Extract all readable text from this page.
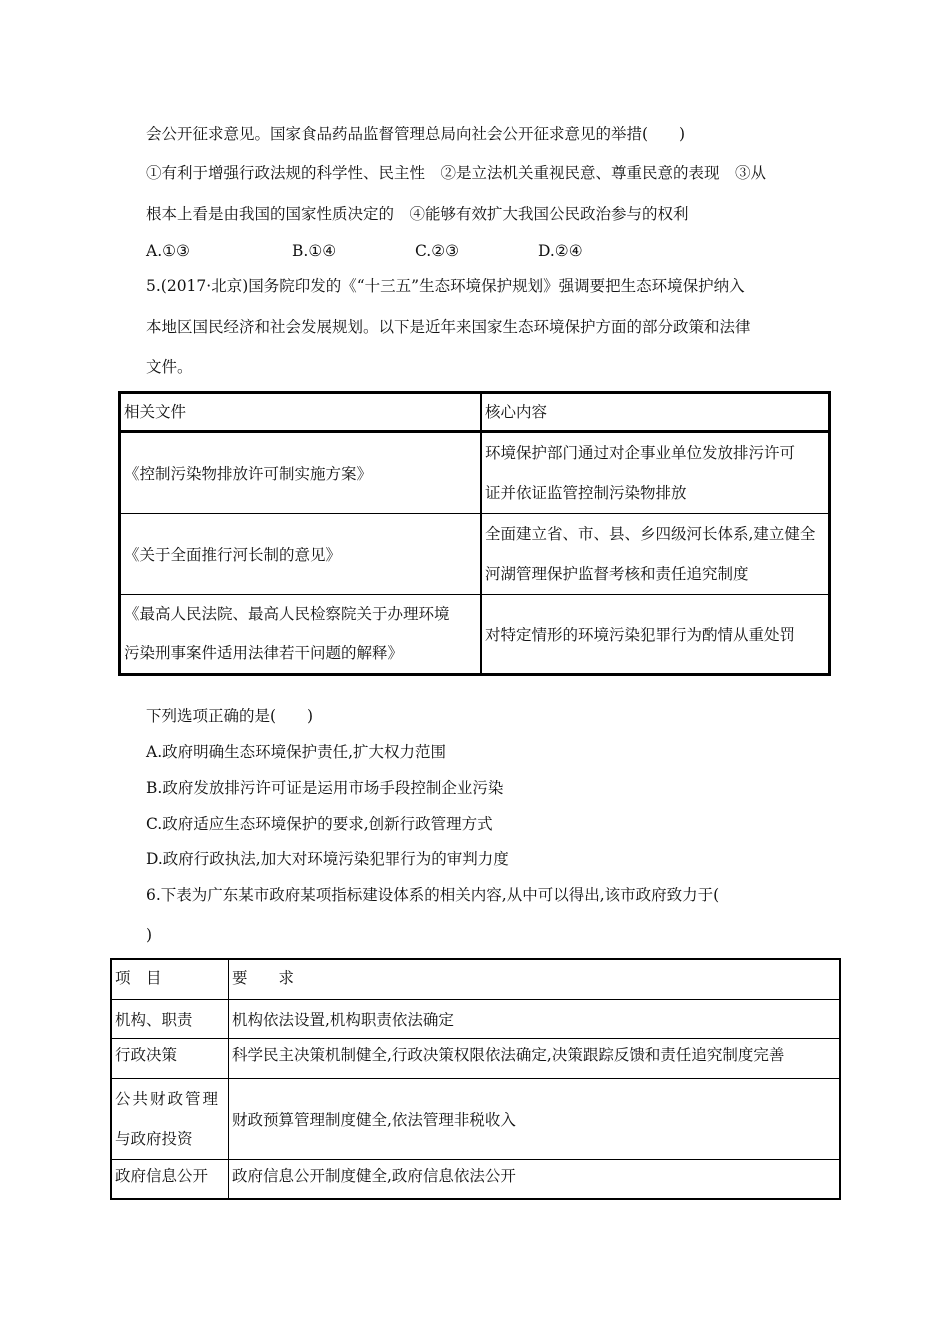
会公开征求意见。国家食品药品监督管理总局向社会公开征求意见的举措(　　)
①有利于增强行政法规的科学性、民主性　②是立法机关重视民意、尊重民意的表现　③从
根本上看是由我国的国家性质决定的　④能够有效扩大我国公民政治参与的权利
A.①③	B.①④	C.②③	D.②④
5.(2017·北京)国务院印发的《“十三五”生态环境保护规划》强调要把生态环境保护纳入
本地区国民经济和社会发展规划。以下是近年来国家生态环境保护方面的部分政策和法律
文件。
相关文件	核心内容
《控制污染物排放许可制实施方案》	环境保护部门通过对企事业单位发放排污许可
证并依证监管控制污染物排放

《关于全面推行河长制的意见》	全面建立省、市、县、乡四级河长体系,建立健全
河湖管理保护监督考核和责任追究制度

《最高人民法院、最高人民检察院关于办理环境
污染刑事案件适用法律若干问题的解释》	对特定情形的环境污染犯罪行为酌情从重处罚
下列选项正确的是(　　)
A.政府明确生态环境保护责任,扩大权力范围
B.政府发放排污许可证是运用市场手段控制企业污染
C.政府适应生态环境保护的要求,创新行政管理方式
D.政府行政执法,加大对环境污染犯罪行为的审判力度
6.下表为广东某市政府某项指标建设体系的相关内容,从中可以得出,该市政府致力于(
)
项　目	要　　求
机构、职责	机构依法设置,机构职责依法确定
行政决策	科学民主决策机制健全,行政决策权限依法确定,决策跟踪反馈和责任追究制度完善

公共财政管理
与政府投资	财政预算管理制度健全,依法管理非税收入
政府信息公开	政府信息公开制度健全,政府信息依法公开
